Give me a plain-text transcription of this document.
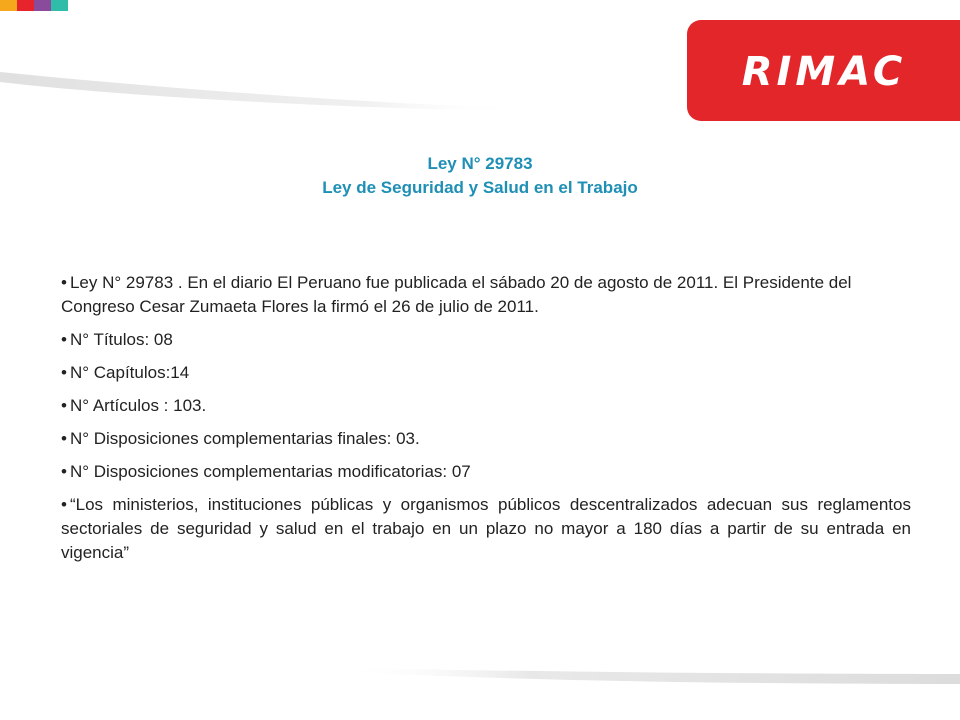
RIMAC
Ley N° 29783
Ley de Seguridad y Salud en el Trabajo
• Ley N° 29783 . En el diario El Peruano fue publicada el sábado 20 de agosto de 2011. El Presidente del Congreso Cesar Zumaeta Flores la firmó el 26 de julio de 2011.
• N° Títulos: 08
• N° Capítulos:14
• N° Artículos : 103.
• N° Disposiciones complementarias finales: 03.
• N° Disposiciones complementarias modificatorias: 07
• “Los ministerios, instituciones públicas y organismos públicos descentralizados adecuan sus reglamentos sectoriales de seguridad y salud en el trabajo en un plazo no mayor a 180 días a partir de su entrada en vigencia”
